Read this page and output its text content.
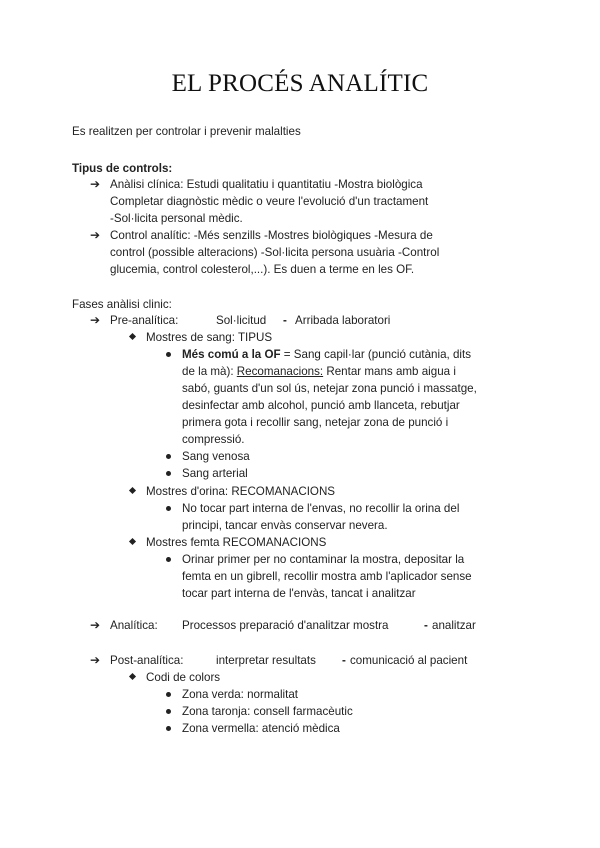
EL PROCÉS ANALÍTIC
Es realitzen per controlar i prevenir malalties
Tipus de controls:
➔ Anàlisi clínica: Estudi qualitatiu i quantitatiu -Mostra biològica
Completar diagnòstic mèdic o veure l'evolució d'un tractament
-Sol·licita personal mèdic.
➔ Control analític: -Més senzills -Mostres biològiques -Mesura de
control (possible alteracions) -Sol·licita persona usuària -Control
glucemia, control colesterol,...). Es duen a terme en les OF.
Fases anàlisi clinic:
➔ Pre-analítica:	Sol·licitud - Arribada laboratori
Mostres de sang: TIPUS
Més comú a la OF = Sang capil·lar (punció cutània, dits
de la mà): Recomanacions: Rentar mans amb aigua i
sabó, guants d'un sol ús, netejar zona punció i massatge,
desinfectar amb alcohol, punció amb llanceta, rebutjar
primera gota i recollir sang, netejar zona de punció i
compressió.
Sang venosa
Sang arterial
Mostres d'orina: RECOMANACIONS
No tocar part interna de l'envas, no recollir la orina del
principi, tancar envàs conservar nevera.
Mostres femta RECOMANACIONS
Orinar primer per no contaminar la mostra, depositar la
femta en un gibrell, recollir mostra amb l'aplicador sense
tocar part interna de l'envàs, tancat i analitzar
➔ Analítica: Processos preparació d'analitzar mostra	- analitzar
➔ Post-analítica:	interpretar resultats - comunicació al pacient
Codi de colors
Zona verda: normalitat
Zona taronja: consell farmacèutic
Zona vermella: atenció mèdica
